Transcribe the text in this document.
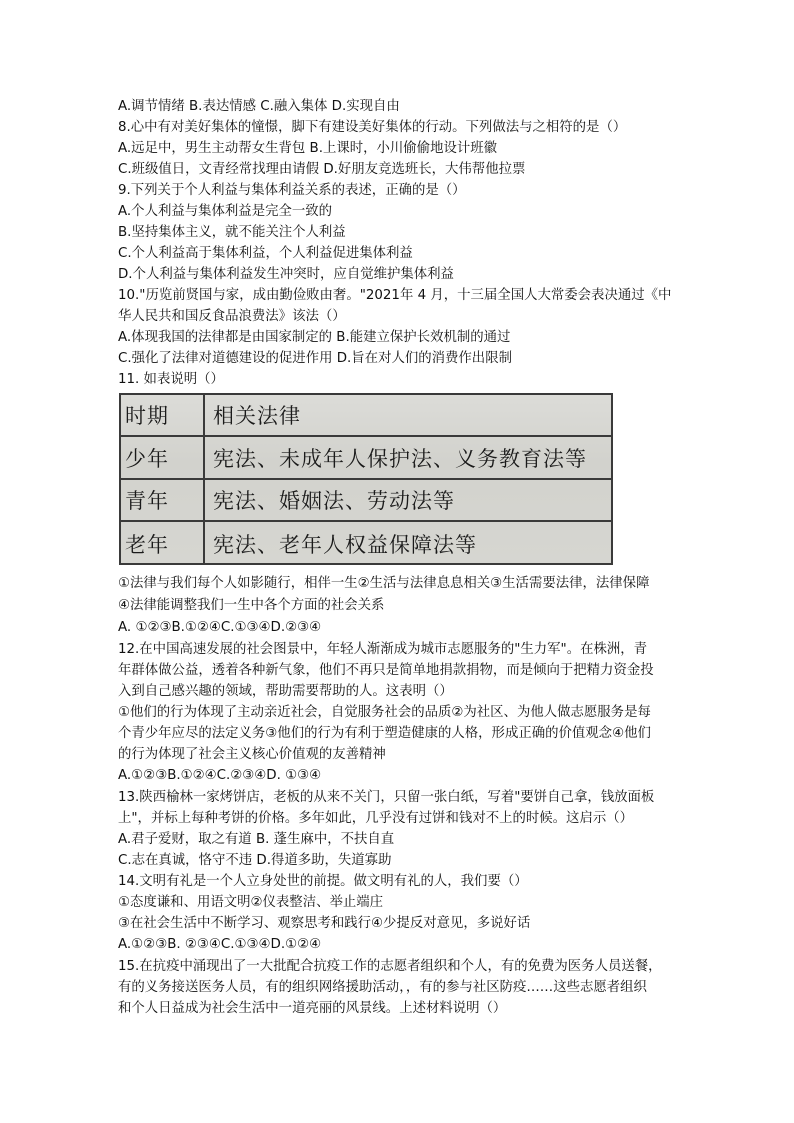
A.调节情绪 B.表达情感 C.融入集体 D.实现自由
8.心中有对美好集体的憧憬，脚下有建设美好集体的行动。下列做法与之相符的是（）
A.远足中，男生主动帮女生背包 B.上课时，小川偷偷地设计班徽
C.班级值日，文青经常找理由请假 D.好朋友竞选班长，大伟帮他拉票
9.下列关于个人利益与集体利益关系的表述，正确的是（）
A.个人利益与集体利益是完全一致的
B.坚持集体主义，就不能关注个人利益
C.个人利益高于集体利益，个人利益促进集体利益
D.个人利益与集体利益发生冲突时，应自觉维护集体利益
10."历览前贤国与家，成由勤俭败由奢。"2021年 4 月，十三届全国人大常委会表决通过《中
华人民共和国反食品浪费法》该法（）
A.体现我国的法律都是由国家制定的 B.能建立保护长效机制的通过
C.强化了法律对道德建设的促进作用 D.旨在对人们的消费作出限制
11. 如表说明（）
时期	相关法律
少年	宪法、未成年人保护法、义务教育法等
青年	宪法、婚姻法、劳动法等
老年	宪法、老年人权益保障法等
①法律与我们每个人如影随行，相伴一生②生活与法律息息相关③生活需要法律，法律保障
④法律能调整我们一生中各个方面的社会关系
A. ①②③B.①②④C.①③④D.②③④
12.在中国高速发展的社会图景中，年轻人渐渐成为城市志愿服务的"生力军"。在株洲，青
年群体做公益，透着各种新气象，他们不再只是简单地捐款捐物，而是倾向于把精力资金投
入到自己感兴趣的领域，帮助需要帮助的人。这表明（）
①他们的行为体现了主动亲近社会，自觉服务社会的品质②为社区、为他人做志愿服务是每
个青少年应尽的法定义务③他们的行为有利于塑造健康的人格，形成正确的价值观念④他们
的行为体现了社会主义核心价值观的友善精神
A.①②③B.①②④C.②③④D. ①③④
13.陕西榆林一家烤饼店，老板的从来不关门，只留一张白纸，写着"要饼自己拿，钱放面板
上"，并标上每种考饼的价格。多年如此，几乎没有过饼和钱对不上的时候。这启示（）
A.君子爱财，取之有道 B. 蓬生麻中，不扶自直
C.志在真诚，恪守不违 D.得道多助，失道寡助
14.文明有礼是一个人立身处世的前提。做文明有礼的人，我们要（）
①态度谦和、用语文明②仪表整洁、举止端庄
③在社会生活中不断学习、观察思考和践行④少提反对意见，多说好话
A.①②③B. ②③④C.①③④D.①②④
15.在抗疫中涌现出了一大批配合抗疫工作的志愿者组织和个人，有的免费为医务人员送餐，
有的义务接送医务人员，有的组织网络援助活动，，有的参与社区防疫……这些志愿者组织
和个人日益成为社会生活中一道亮丽的风景线。上述材料说明（）
